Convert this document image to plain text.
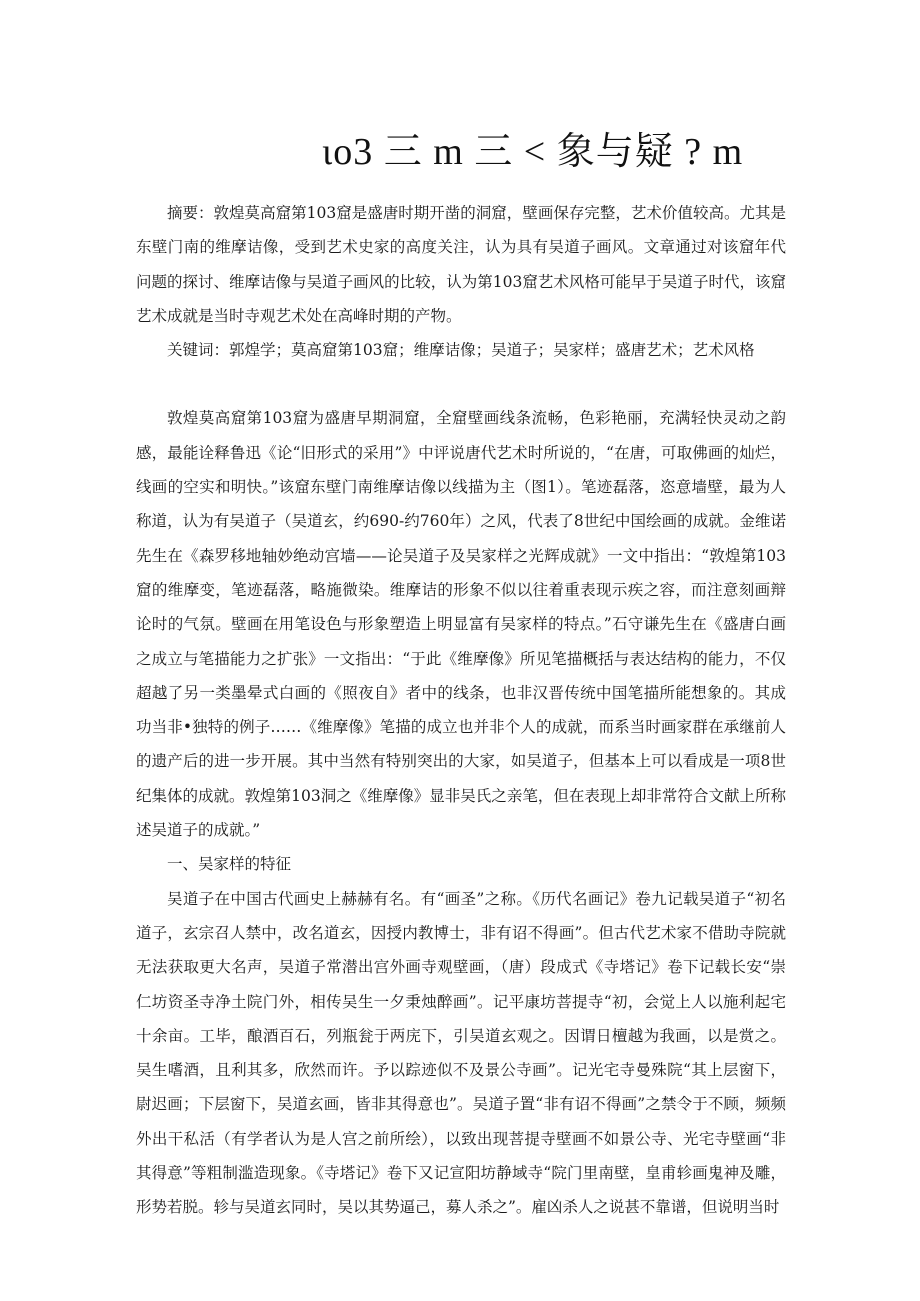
ιo3 三 m 三 < 象与疑 ? m

摘要：敦煌莫高窟第103窟是盛唐时期开凿的洞窟，壁画保存完整，艺术价值较高。尤其是东壁门南的维摩诘像，受到艺术史家的高度关注，认为具有吴道子画风。文章通过对该窟年代问题的探讨、维摩诘像与吴道子画风的比较，认为第103窟艺术风格可能早于吴道子时代，该窟艺术成就是当时寺观艺术处在高峰时期的产物。

关键词：郭煌学；莫高窟第103窟；维摩诘像；吴道子；吴家样；盛唐艺术；艺术风格

敦煌莫高窟第103窟为盛唐早期洞窟，全窟壁画线条流畅，色彩艳丽，充满轻快灵动之韵感，最能诠释鲁迅《论“旧形式的采用”》中评说唐代艺术时所说的，“在唐，可取佛画的灿烂，线画的空实和明快。”该窟东壁门南维摩诘像以线描为主（图1）。笔迹磊落，恣意墙壁，最为人称道，认为有吴道子（吴道玄，约690-约760年）之风，代表了8世纪中国绘画的成就。金维诺先生在《森罗移地轴妙绝动宫墙——论吴道子及吴家样之光辉成就》一文中指出：“敦煌第103窟的维摩变，笔迹磊落，略施微染。维摩诘的形象不似以往着重表现示疾之容，而注意刻画辩论时的气氛。壁画在用笔设色与形象塑造上明显富有吴家样的特点。”石守谦先生在《盛唐白画之成立与笔描能力之扩张》一文指出：“于此《维摩像》所见笔描概括与表达结构的能力，不仅超越了另一类墨晕式白画的《照夜自》者中的线条，也非汉晋传统中国笔描所能想象的。其成功当非•独特的例子……《维摩像》笔描的成立也并非个人的成就，而系当时画家群在承继前人的遗产后的进一步开展。其中当然有特别突出的大家，如吴道子，但基本上可以看成是一项8世纪集体的成就。敦煌第103洞之《维摩像》显非吴氏之亲笔，但在表现上却非常符合文献上所称述吴道子的成就。”

一、吴家样的特征

吴道子在中国古代画史上赫赫有名。有“画圣”之称。《历代名画记》卷九记载吴道子“初名道子，玄宗召人禁中，改名道玄，因授内教博士，非有诏不得画”。但古代艺术家不借助寺院就无法获取更大名声，吴道子常潜出宫外画寺观壁画，（唐）段成式《寺塔记》卷下记载长安“崇仁坊资圣寺净土院门外，相传吴生一夕秉烛醉画”。记平康坊菩提寺“初，会觉上人以施利起宅十余亩。工毕，酿酒百石，列瓶瓮于两庑下，引吴道玄观之。因谓日檀越为我画，以是赏之。吴生嗜酒，且利其多，欣然而许。予以踪迹似不及景公寺画”。记光宅寺曼殊院“其上层窗下，尉迟画；下层窗下，吴道玄画，皆非其得意也”。吴道子置“非有诏不得画”之禁令于不顾，频频外出干私活（有学者认为是人宫之前所绘），以致出现菩提寺壁画不如景公寺、光宅寺壁画“非其得意”等粗制滥造现象。《寺塔记》卷下又记宣阳坊静域寺“院门里南壁，皇甫轸画鬼神及雕，形势若脱。轸与吴道玄同时，吴以其势逼己，募人杀之”。雇凶杀人之说甚不靠谱，但说明当时
